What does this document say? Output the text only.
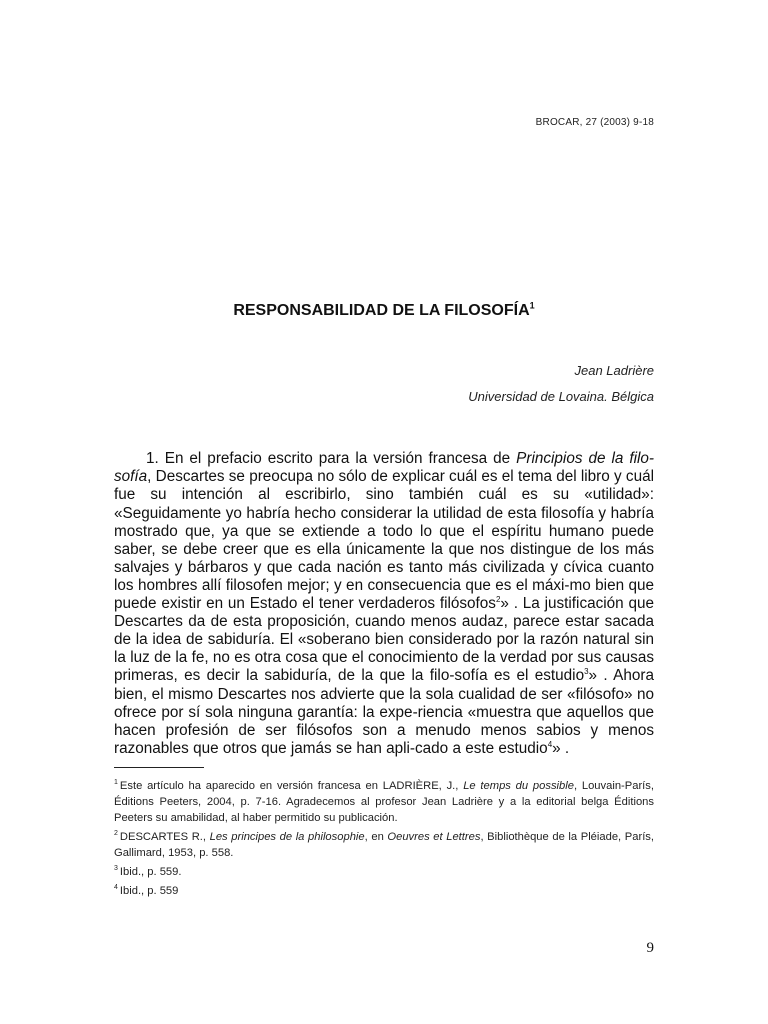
BROCAR, 27 (2003) 9-18
RESPONSABILIDAD DE LA FILOSOFÍA$^1$
Jean Ladrière
Universidad de Lovaina. Bélgica

1. En el prefacio escrito para la versión francesa de Principios de la filo-sofía, Descartes se preocupa no sólo de explicar cuál es el tema del libro y cuál fue su intención al escribirlo, sino también cuál es su «utilidad»: «Seguidamente yo habría hecho considerar la utilidad de esta filosofía y habría mostrado que, ya que se extiende a todo lo que el espíritu humano puede saber, se debe creer que es ella únicamente la que nos distingue de los más salvajes y bárbaros y que cada nación es tanto más civilizada y cívica cuanto los hombres allí filosofen mejor; y en consecuencia que es el máxi-mo bien que puede existir en un Estado el tener verdaderos filósofos$^2$» . La justificación que Descartes da de esta proposición, cuando menos audaz, parece estar sacada de la idea de sabiduría. El «soberano bien considerado por la razón natural sin la luz de la fe, no es otra cosa que el conocimiento de la verdad por sus causas primeras, es decir la sabiduría, de la que la filo-sofía es el estudio$^3$» . Ahora bien, el mismo Descartes nos advierte que la sola cualidad de ser «filósofo» no ofrece por sí sola ninguna garantía: la expe-riencia «muestra que aquellos que hacen profesión de ser filósofos son a menudo menos sabios y menos razonables que otros que jamás se han apli-cado a este estudio$^4$» .

$^1$ Este artículo ha aparecido en versión francesa en LADRIÈRE, J., Le temps du possible, Louvain-París, Éditions Peeters, 2004, p. 7-16. Agradecemos al profesor Jean Ladrière y a la editorial belga Éditions Peeters su amabilidad, al haber permitido su publicación.

$^2$ DESCARTES R., Les principes de la philosophie, en Oeuvres et Lettres, Bibliothèque de la Pléiade, París, Gallimard, 1953, p. 558.

$^3$ Ibid., p. 559.

$^4$ Ibid., p. 559

9
